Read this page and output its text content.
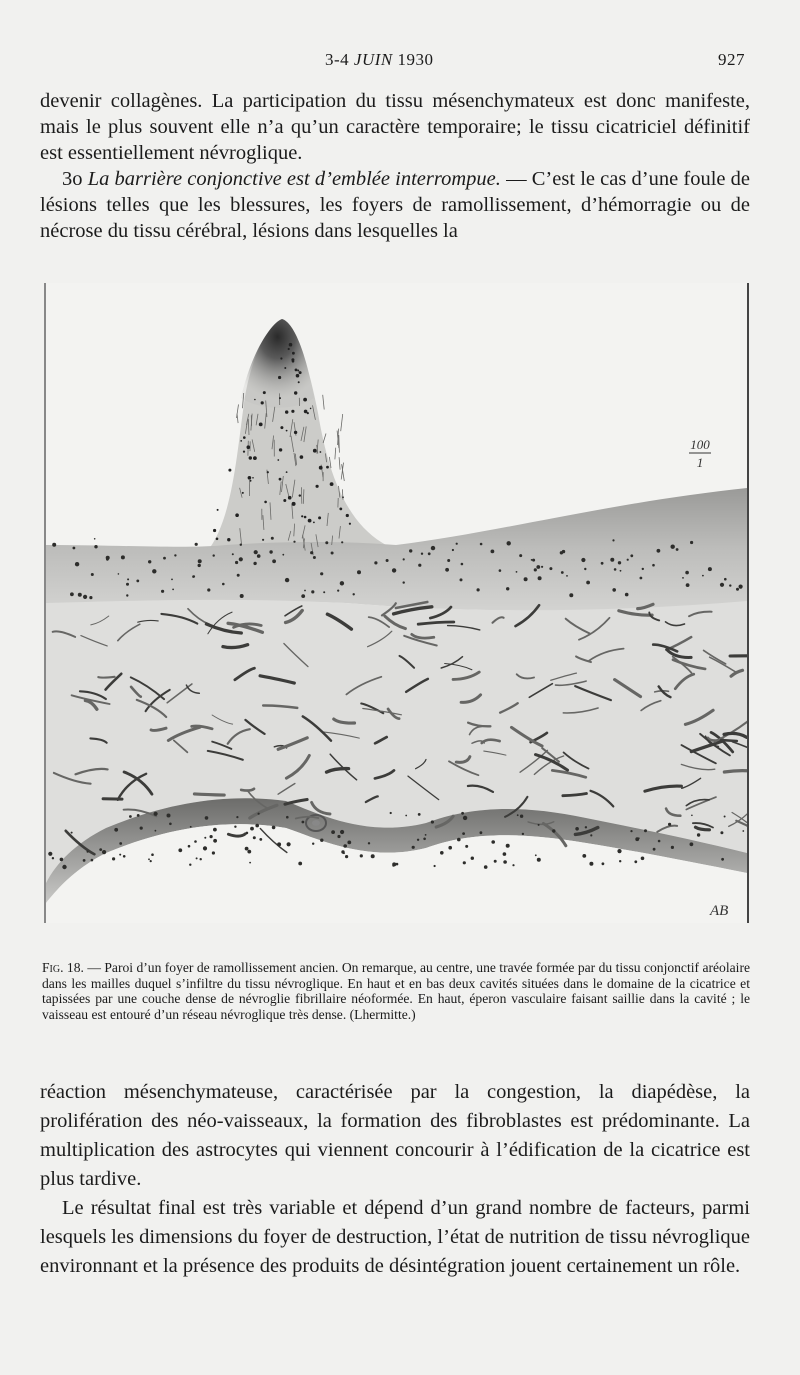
3-4 JUIN 1930	927

devenir collagènes. La participation du tissu mésenchymateux est donc manifeste, mais le plus souvent elle n’a qu’un caractère temporaire; le tissu cicatriciel définitif est essentiellement névroglique.

3o La barrière conjonctive est d’emblée interrompue. — C’est le cas d’une foule de lésions telles que les blessures, les foyers de ramollissement, d’hémorragie ou de nécrose du tissu cérébral, lésions dans lesquelles la

100
1
AB
Fig. 18. — Paroi d’un foyer de ramollissement ancien. On remarque, au centre, une travée formée par du tissu conjonctif aréolaire dans les mailles duquel s’infiltre du tissu névroglique. En haut et en bas deux cavités situées dans le domaine de la cicatrice et tapissées par une couche dense de névroglie fibrillaire néoformée. En haut, éperon vasculaire faisant saillie dans la cavité ; le vaisseau est entouré d’un réseau névroglique très dense. (Lhermitte.)

réaction mésenchymateuse, caractérisée par la congestion, la diapédèse, la prolifération des néo-vaisseaux, la formation des fibroblastes est prédominante. La multiplication des astrocytes qui viennent concourir à l’édification de la cicatrice est plus tardive.

Le résultat final est très variable et dépend d’un grand nombre de facteurs, parmi lesquels les dimensions du foyer de destruction, l’état de nutrition de tissu névroglique environnant et la présence des produits de désintégration jouent certainement un rôle.
